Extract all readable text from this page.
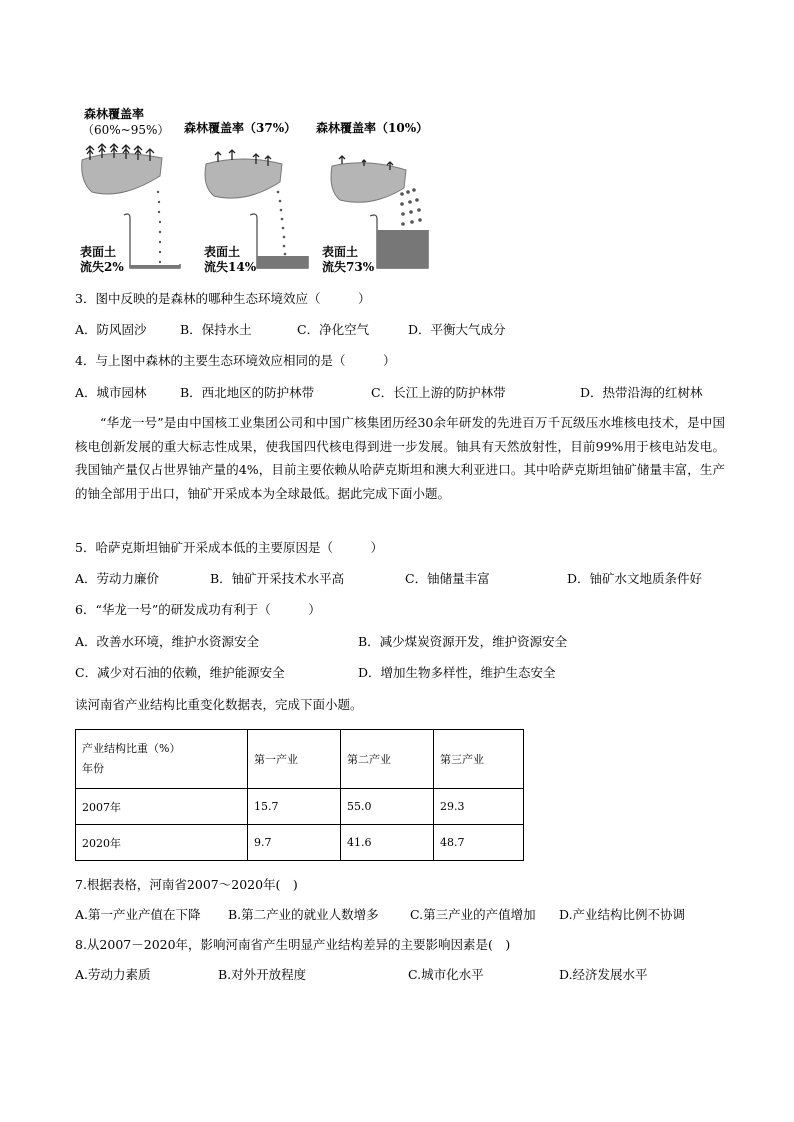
森林覆盖率
（60%~95%） 森林覆盖率（37%） 森林覆盖率（10%）
表面土
流失2%
表面土
流失14%
表面土
流失73%
3．图中反映的是森林的哪种生态环境效应（　　　）
A．防风固沙	B．保持水土	C．净化空气	D．平衡大气成分
4．与上图中森林的主要生态环境效应相同的是（　　　）
A．城市园林	B．西北地区的防护林带	C．长江上游的防护林带	D．热带沿海的红树林
“华龙一号”是由中国核工业集团公司和中国广核集团历经30余年研发的先进百万千瓦级压水堆核电技术，是中国核电创新发展的重大标志性成果，使我国四代核电得到进一步发展。铀具有天然放射性，目前99%用于核电站发电。我国铀产量仅占世界铀产量的4%，目前主要依赖从哈萨克斯坦和澳大利亚进口。其中哈萨克斯坦铀矿储量丰富，生产的铀全部用于出口，铀矿开采成本为全球最低。据此完成下面小题。
5．哈萨克斯坦铀矿开采成本低的主要原因是（　　　）
A．劳动力廉价	B．铀矿开采技术水平高	C．铀储量丰富	D．铀矿水文地质条件好
6．“华龙一号”的研发成功有利于（　　　）
A．改善水环境，维护水资源安全	B．减少煤炭资源开发，维护资源安全
C．减少对石油的依赖，维护能源安全	D．增加生物多样性，维护生态安全
读河南省产业结构比重变化数据表，完成下面小题。
产业结构比重（%）
年份	第一产业	第二产业	第三产业
2007年	15.7	55.0	29.3
2020年	9.7	41.6	48.7
7.根据表格，河南省2007～2020年(　)
A.第一产业产值在下降 B.第二产业的就业人数增多	C.第三产业的产值增加 D.产业结构比例不协调
8.从2007－2020年，影响河南省产生明显产业结构差异的主要影响因素是(　)
A.劳动力素质	B.对外开放程度	C.城市化水平	D.经济发展水平
